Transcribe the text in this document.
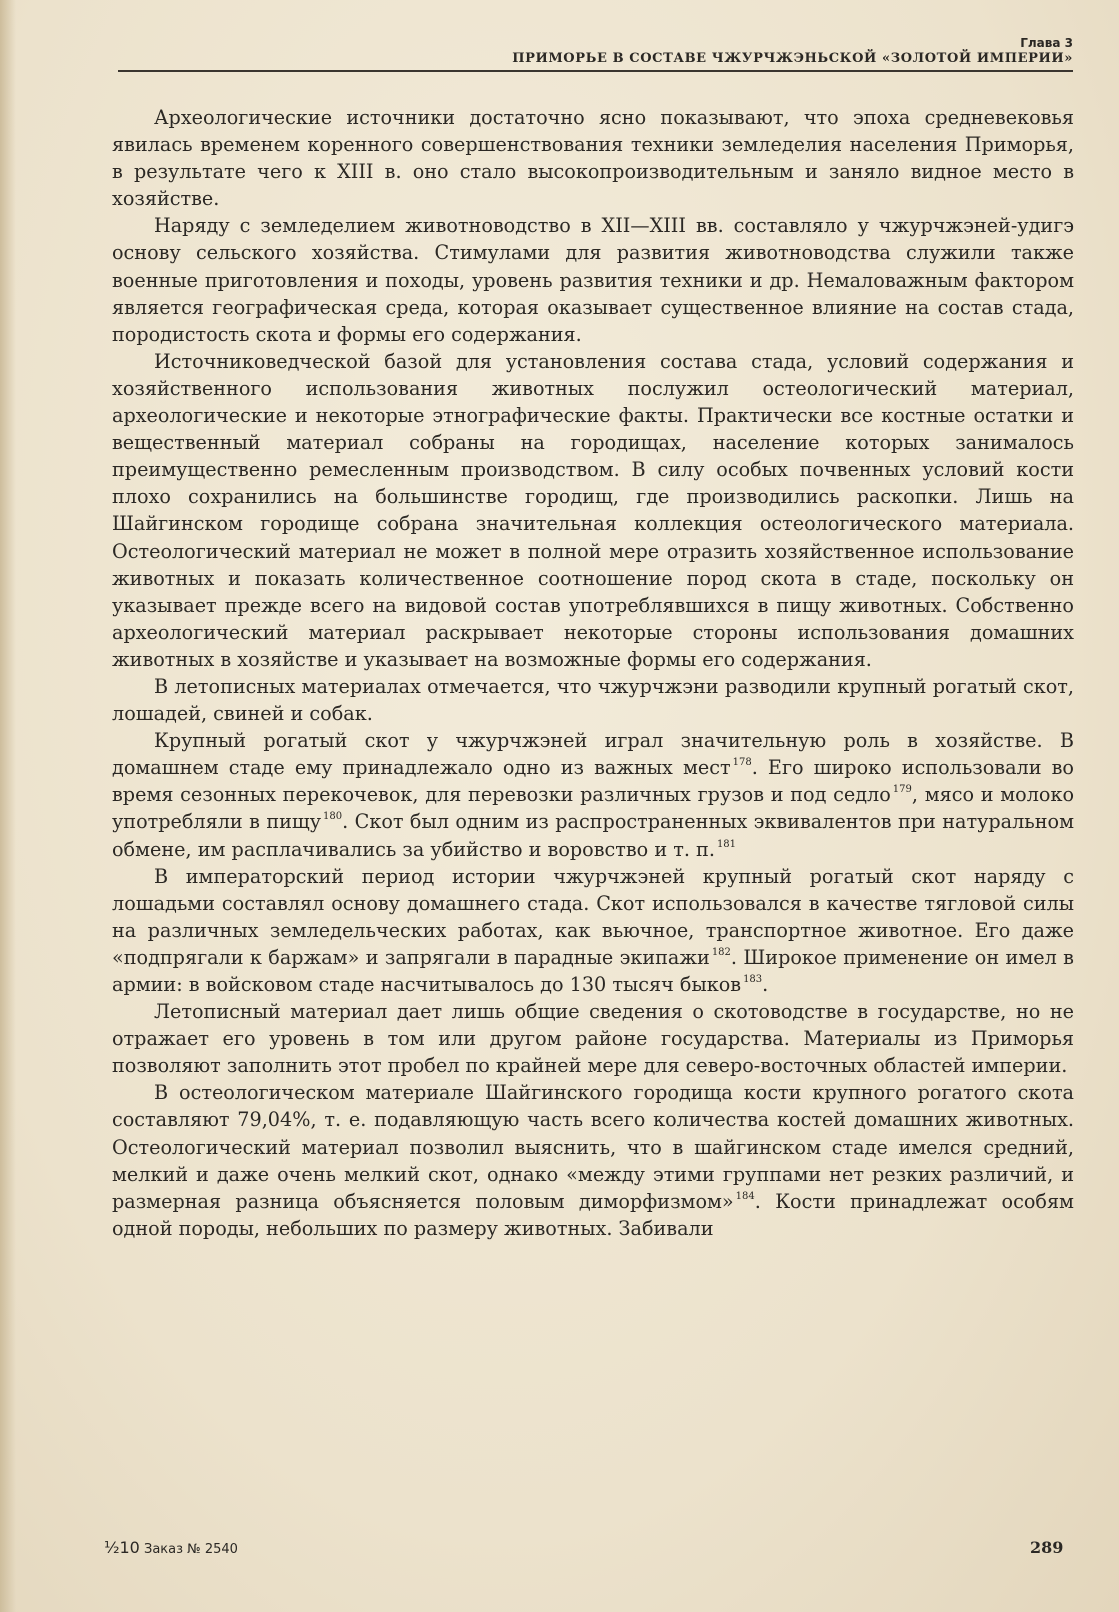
Глава 3
ПРИМОРЬЕ В СОСТАВЕ ЧЖУРЧЖЭНЬСКОЙ «ЗОЛОТОЙ ИМПЕРИИ»

Археологические источники достаточно ясно показывают, что эпоха средневековья явилась временем коренного совершенствования техники земледелия населения Приморья, в результате чего к XIII в. оно стало высокопроизводительным и заняло видное место в хозяйстве.

Наряду с земледелием животноводство в XII—XIII вв. составляло у чжурчжэней-удигэ основу сельского хозяйства. Стимулами для развития животноводства служили также военные приготовления и походы, уровень развития техники и др. Немаловажным фактором является географическая среда, которая оказывает существенное влияние на состав стада, породистость скота и формы его содержания.

Источниковедческой базой для установления состава стада, условий содержания и хозяйственного использования животных послужил остеологический материал, археологические и некоторые этнографические факты. Практически все костные остатки и вещественный материал собраны на городищах, население которых занималось преимущественно ремесленным производством. В силу особых почвенных условий кости плохо сохранились на большинстве городищ, где производились раскопки. Лишь на Шайгинском городище собрана значительная коллекция остеологического материала. Остеологический материал не может в полной мере отразить хозяйственное использование животных и показать количественное соотношение пород скота в стаде, поскольку он указывает прежде всего на видовой состав употреблявшихся в пищу животных. Собственно археологический материал раскрывает некоторые стороны использования домашних животных в хозяйстве и указывает на возможные формы его содержания.

В летописных материалах отмечается, что чжурчжэни разводили крупный рогатый скот, лошадей, свиней и собак.

Крупный рогатый скот у чжурчжэней играл значительную роль в хозяйстве. В домашнем стаде ему принадлежало одно из важных мест $^{178}$. Его широко использовали во время сезонных перекочевок, для перевозки различных грузов и под седло $^{179}$, мясо и молоко употребляли в пищу $^{180}$. Скот был одним из распространенных эквивалентов при натуральном обмене, им расплачивались за убийство и воровство и т. п. $^{181}$

В императорский период истории чжурчжэней крупный рогатый скот наряду с лошадьми составлял основу домашнего стада. Скот использовался в качестве тягловой силы на различных земледельческих работах, как вьючное, транспортное животное. Его даже «подпрягали к баржам» и запрягали в парадные экипажи $^{182}$. Широкое применение он имел в армии: в войсковом стаде насчитывалось до 130 тысяч быков $^{183}$.

Летописный материал дает лишь общие сведения о скотоводстве в государстве, но не отражает его уровень в том или другом районе государства. Материалы из Приморья позволяют заполнить этот пробел по крайней мере для северо-восточных областей империи.

В остеологическом материале Шайгинского городища кости крупного рогатого скота составляют 79,04%, т. е. подавляющую часть всего количества костей домашних животных. Остеологический материал позволил выяснить, что в шайгинском стаде имелся средний, мелкий и даже очень мелкий скот, однако «между этими группами нет резких различий, и размерная разница объясняется половым диморфизмом» $^{184}$. Кости принадлежат особям одной породы, небольших по размеру животных. Забивали

¹⁄₂10 Заказ № 2540	289
